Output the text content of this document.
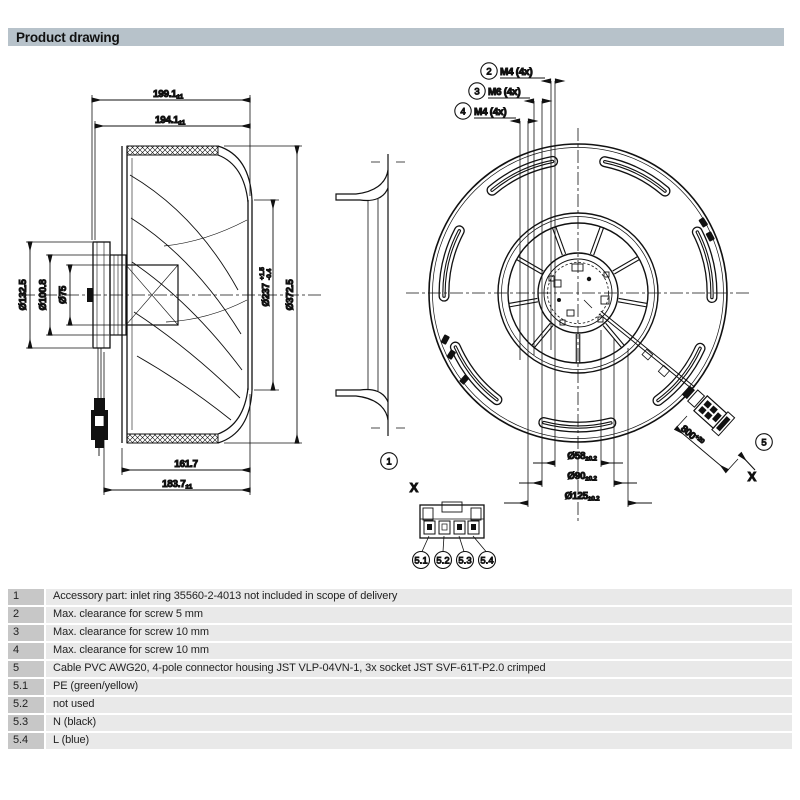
Product drawing
199.1±1
194.1±1
Ø132.5 Ø100.8 Ø75	Ø237
+1.5 -0.4
Ø372.5
161.7
183.7±1
1
2 M4 (4x)
3 M6 (4x)
4 M4 (4x)
Ø58±0.2
Ø90±0.2
Ø125±0.2
$800^{+20}$	5
X
X
5.1 5.2 5.3 5.4
1	Accessory part: inlet ring 35560-2-4013 not included in scope of delivery
2	Max. clearance for screw 5 mm
3	Max. clearance for screw 10 mm
4	Max. clearance for screw 10 mm
5	Cable PVC AWG20, 4-pole connector housing JST VLP-04VN-1, 3x socket JST SVF-61T-P2.0 crimped
5.1	PE (green/yellow)
5.2	not used
5.3	N (black)
5.4	L (blue)
